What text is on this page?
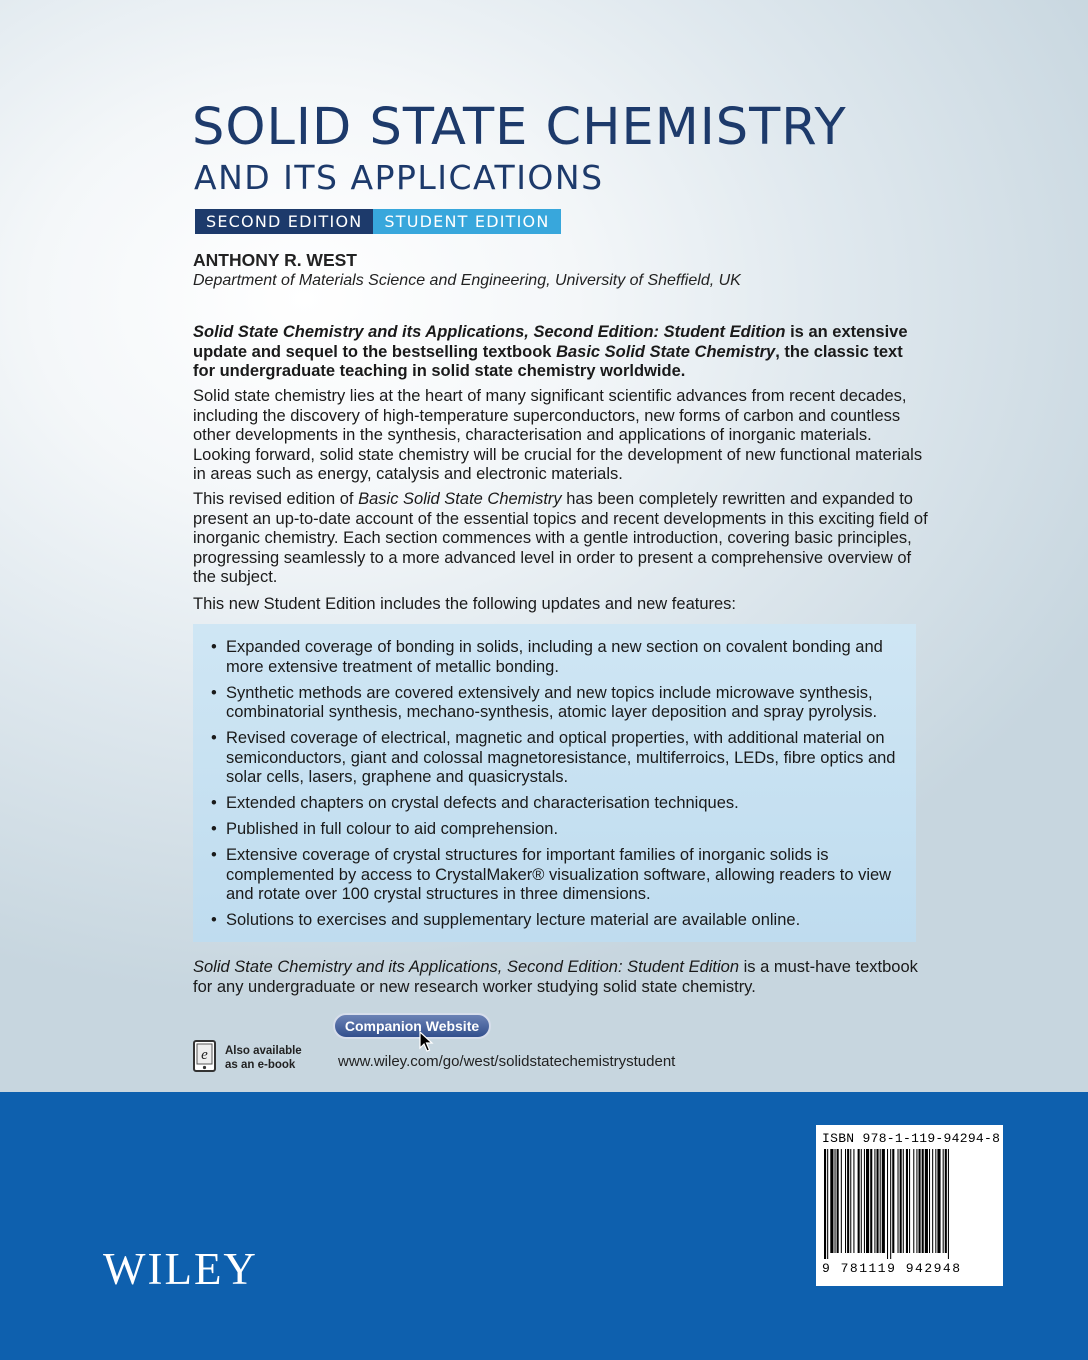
SOLID STATE CHEMISTRY
AND ITS APPLICATIONS
SECOND EDITION	STUDENT EDITION
ANTHONY R. WEST
Department of Materials Science and Engineering, University of Sheffield, UK
Solid State Chemistry and its Applications, Second Edition: Student Edition is an extensive update and sequel to the bestselling textbook Basic Solid State Chemistry, the classic text for undergraduate teaching in solid state chemistry worldwide.
Solid state chemistry lies at the heart of many significant scientific advances from recent decades, including the discovery of high-temperature superconductors, new forms of carbon and countless other developments in the synthesis, characterisation and applications of inorganic materials. Looking forward, solid state chemistry will be crucial for the development of new functional materials in areas such as energy, catalysis and electronic materials.
This revised edition of Basic Solid State Chemistry has been completely rewritten and expanded to present an up-to-date account of the essential topics and recent developments in this exciting field of inorganic chemistry. Each section commences with a gentle introduction, covering basic principles, progressing seamlessly to a more advanced level in order to present a comprehensive overview of the subject.
This new Student Edition includes the following updates and new features:
• Expanded coverage of bonding in solids, including a new section on covalent bonding and more extensive treatment of metallic bonding.
• Synthetic methods are covered extensively and new topics include microwave synthesis, combinatorial synthesis, mechano-synthesis, atomic layer deposition and spray pyrolysis.
• Revised coverage of electrical, magnetic and optical properties, with additional material on semiconductors, giant and colossal magnetoresistance, multiferroics, LEDs, fibre optics and solar cells, lasers, graphene and quasicrystals.
• Extended chapters on crystal defects and characterisation techniques.
• Published in full colour to aid comprehension.
• Extensive coverage of crystal structures for important families of inorganic solids is complemented by access to CrystalMaker® visualization software, allowing readers to view and rotate over 100 crystal structures in three dimensions.
• Solutions to exercises and supplementary lecture material are available online.
Solid State Chemistry and its Applications, Second Edition: Student Edition is a must-have textbook for any undergraduate or new research worker studying solid state chemistry.
Companion Website
e Also available
as an e-book	www.wiley.com/go/west/solidstatechemistrystudent
WILEY
ISBN 978-1-119-94294-8
9 781119 942948
